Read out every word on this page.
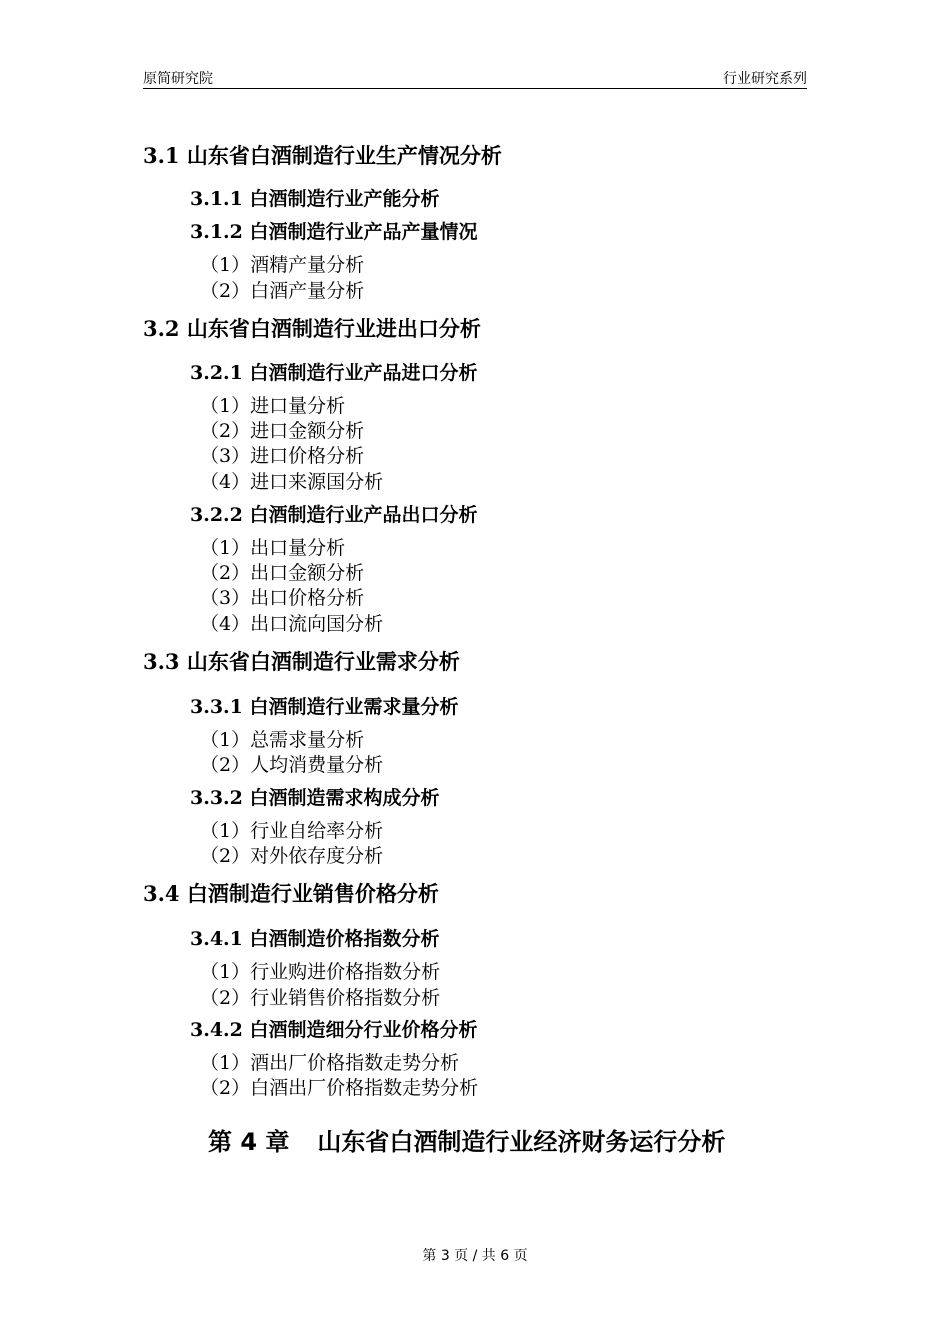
原简研究院	行业研究系列
3.1 山东省白酒制造行业生产情况分析
3.1.1 白酒制造行业产能分析
3.1.2 白酒制造行业产品产量情况
（1）酒精产量分析
（2）白酒产量分析
3.2 山东省白酒制造行业进出口分析
3.2.1 白酒制造行业产品进口分析
（1）进口量分析
（2）进口金额分析
（3）进口价格分析
（4）进口来源国分析
3.2.2 白酒制造行业产品出口分析
（1）出口量分析
（2）出口金额分析
（3）出口价格分析
（4）出口流向国分析
3.3 山东省白酒制造行业需求分析
3.3.1 白酒制造行业需求量分析
（1）总需求量分析
（2）人均消费量分析
3.3.2 白酒制造需求构成分析
（1）行业自给率分析
（2）对外依存度分析
3.4 白酒制造行业销售价格分析
3.4.1 白酒制造价格指数分析
（1）行业购进价格指数分析
（2）行业销售价格指数分析
3.4.2 白酒制造细分行业价格分析
（1）酒出厂价格指数走势分析
（2）白酒出厂价格指数走势分析
第 4 章 山东省白酒制造行业经济财务运行分析
第 3 页 / 共 6 页
